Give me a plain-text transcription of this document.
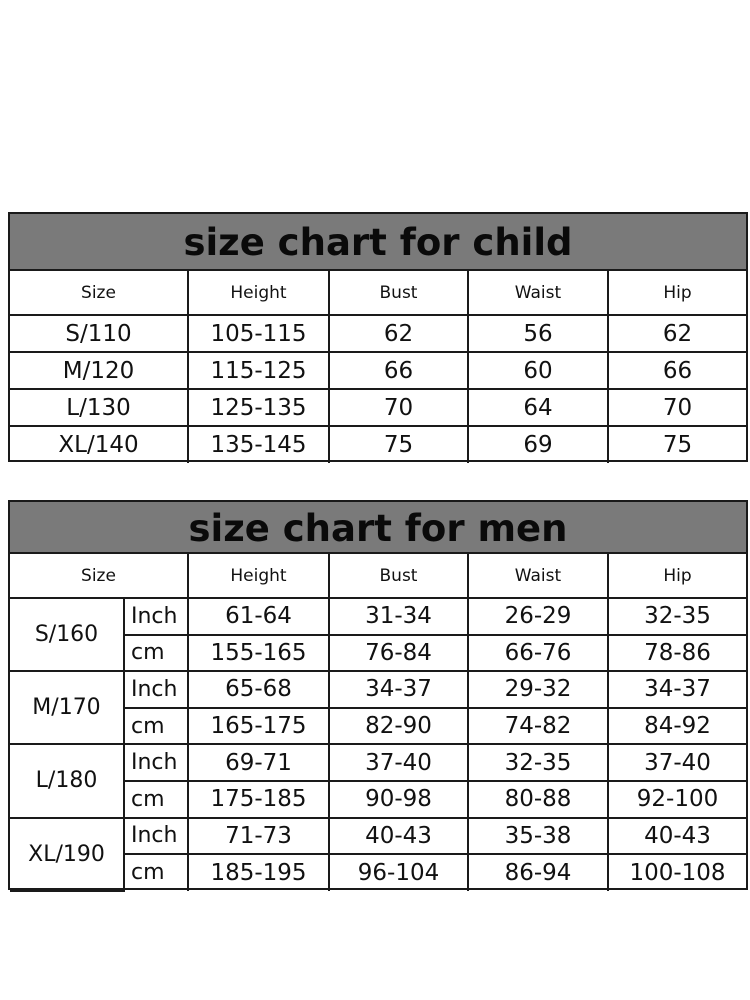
size chart for child
Size	Height	Bust	Waist	Hip
S/110	105-115	62	56	62
M/120	115-125	66	60	66
L/130	125-135	70	64	70
XL/140	135-145	75	69	75
size chart for men
Size		Height	Bust	Waist	Hip
S/160	Inch	61-64	31-34	26-29	32-35
	cm	155-165	76-84	66-76	78-86
M/170	Inch	65-68	34-37	29-32	34-37
	cm	165-175	82-90	74-82	84-92
L/180	Inch	69-71	37-40	32-35	37-40
	cm	175-185	90-98	80-88	92-100
XL/190	Inch	71-73	40-43	35-38	40-43
	cm	185-195	96-104	86-94	100-108
